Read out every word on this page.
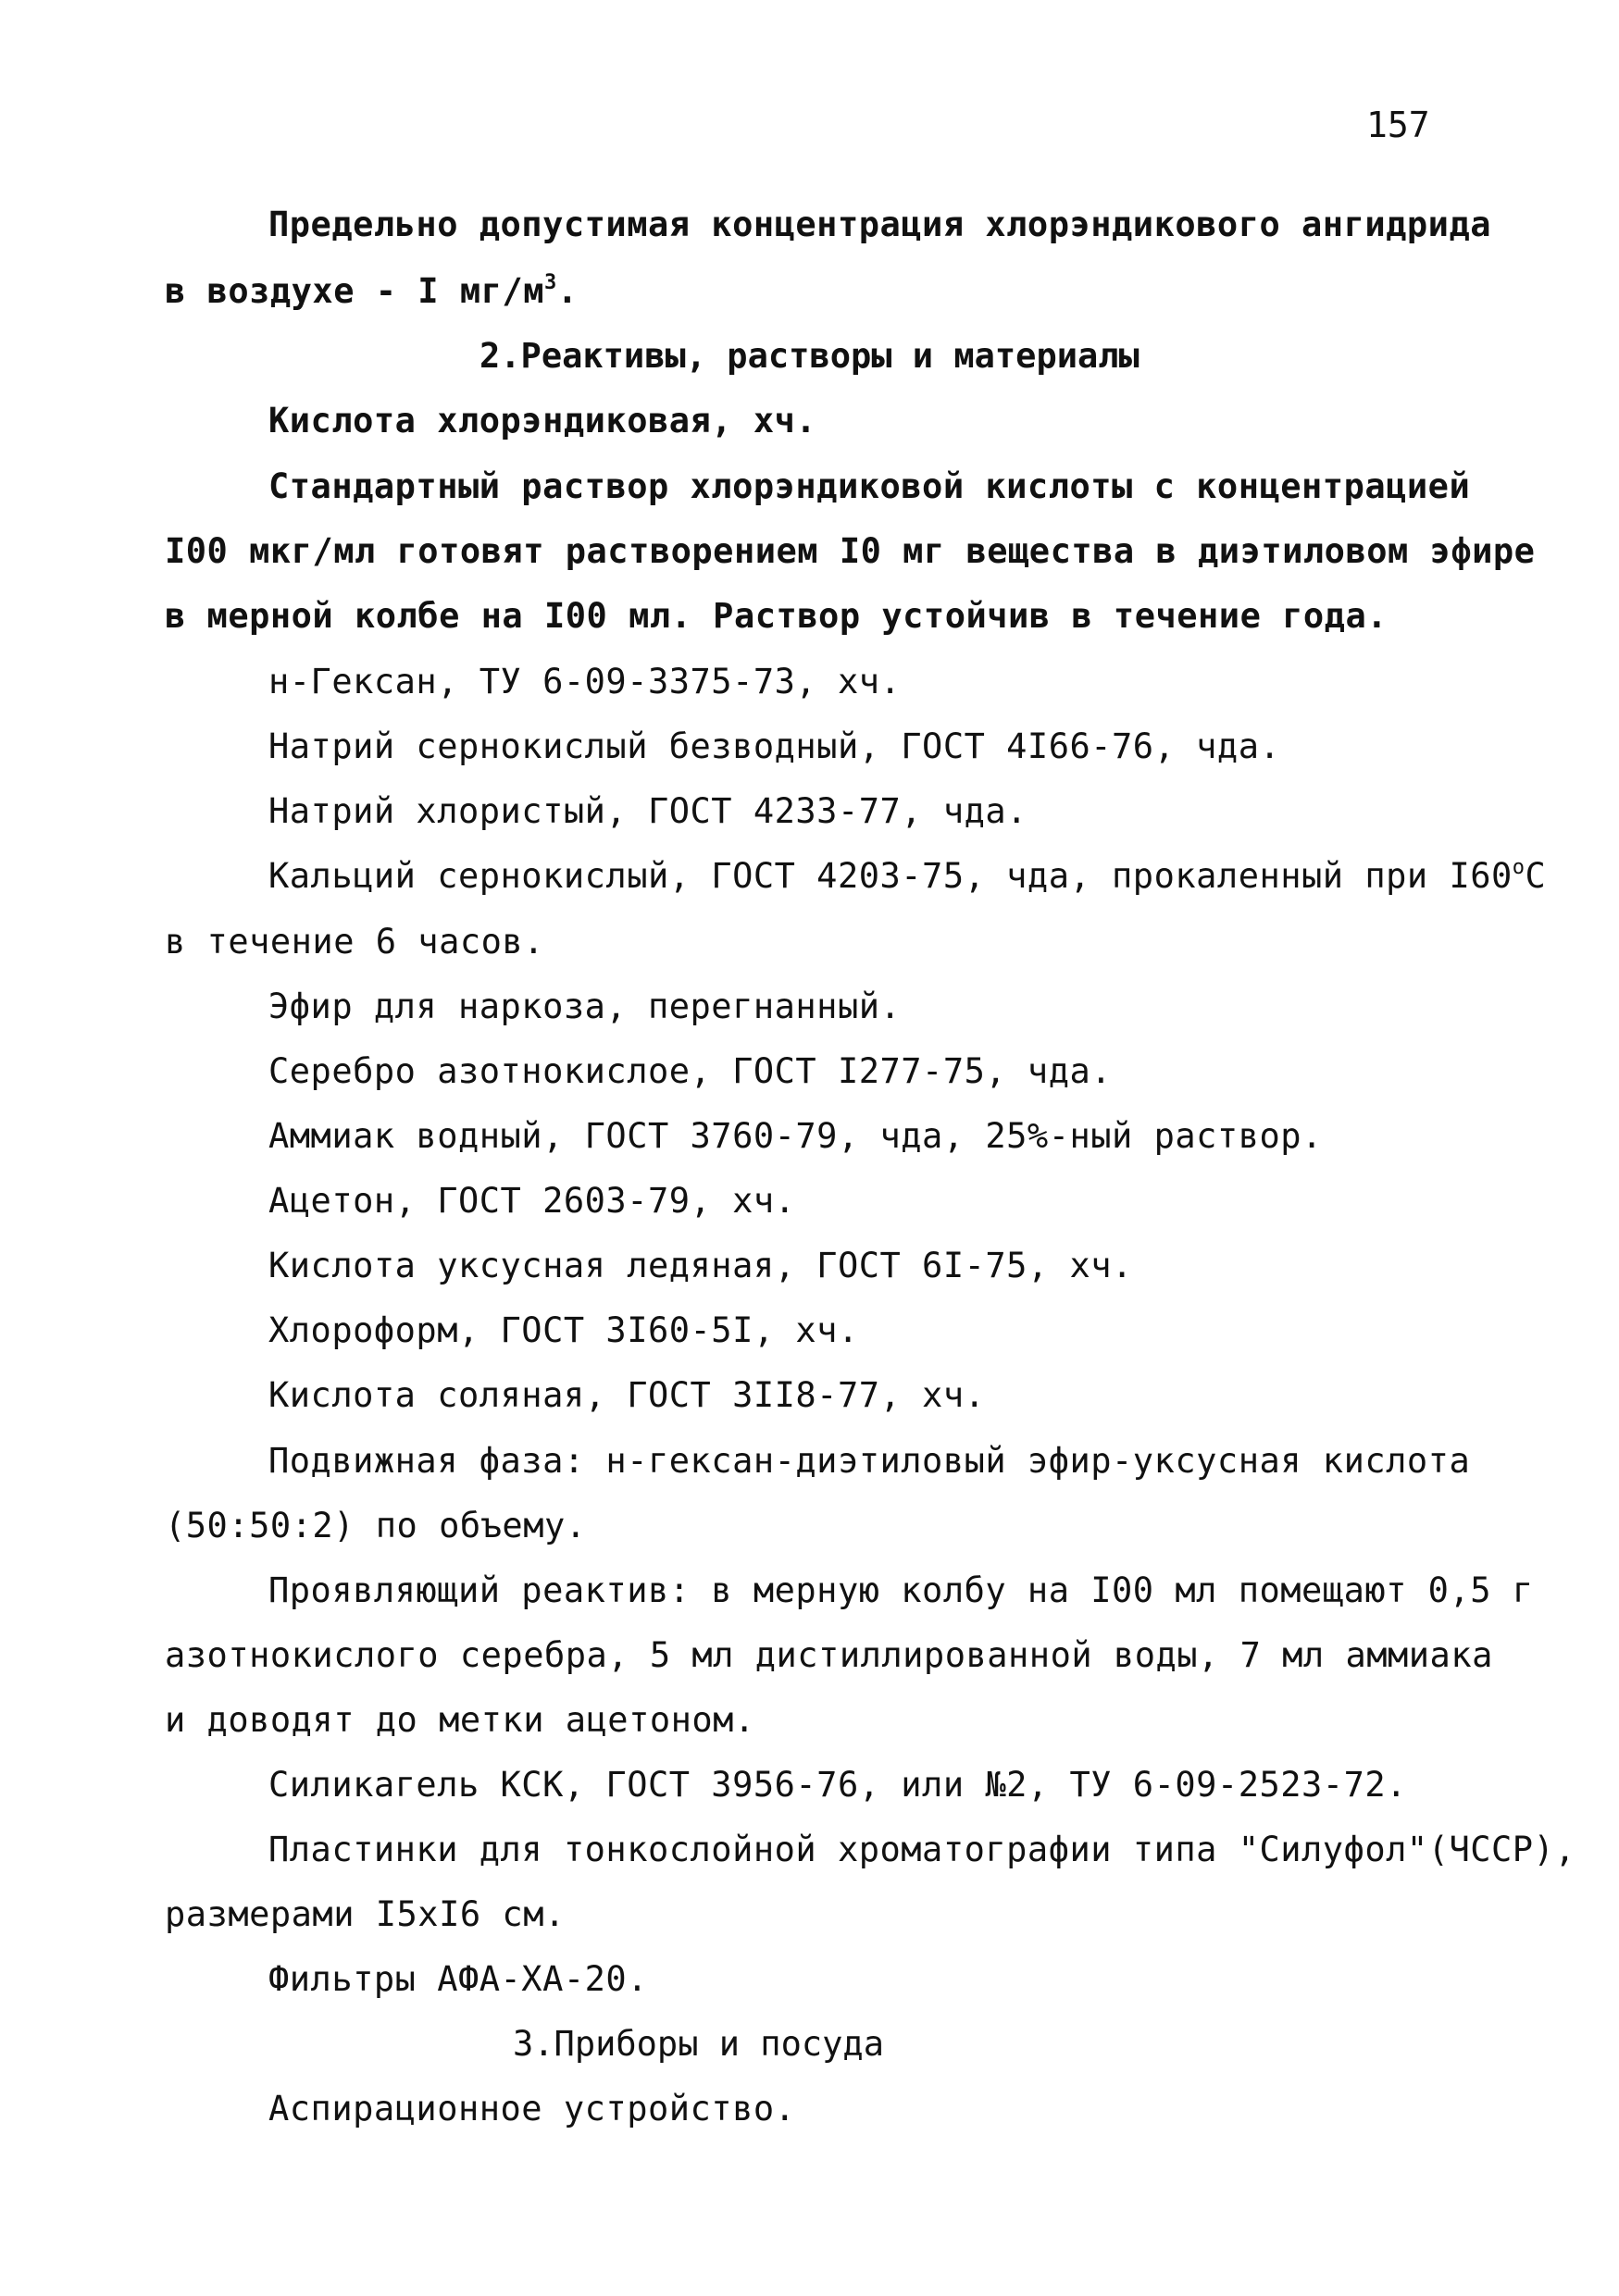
157
Предельно допустимая концентрация хлорэндикового ангидрида
в воздухе - I $мг/м^3$.
2.Реактивы, растворы и материалы
Кислота хлорэндиковая, хч.
Стандартный раствор хлорэндиковой кислоты с концентрацией
I00 мкг/мл готовят растворением I0 мг вещества в диэтиловом эфире
в мерной колбе на I00 мл. Раствор устойчив в течение года.
н-Гексан, ТУ 6-09-3375-73, хч.
Натрий сернокислый безводный, ГОСТ 4I66-76, чда.
Натрий хлористый, ГОСТ 4233-77, чда.
Кальций сернокислый, ГОСТ 4203-75, чда, прокаленный при $I60^оС$
в течение 6 часов.
Эфир для наркоза, перегнанный.
Серебро азотнокислое, ГОСТ I277-75, чда.
Аммиак водный, ГОСТ 3760-79, чда, 25%-ный раствор.
Ацетон, ГОСТ 2603-79, хч.
Кислота уксусная ледяная, ГОСТ 6I-75, хч.
Хлороформ, ГОСТ 3I60-5I, хч.
Кислота соляная, ГОСТ 3II8-77, хч.
Подвижная фаза: н-гексан-диэтиловый эфир-уксусная кислота
(50:50:2) по объему.
Проявляющий реактив: в мерную колбу на I00 мл помещают 0,5 г
азотнокислого серебра, 5 мл дистиллированной воды, 7 мл аммиака
и доводят до метки ацетоном.
Силикагель КСК, ГОСТ 3956-76, или №2, ТУ 6-09-2523-72.
Пластинки для тонкослойной хроматографии типа "Силуфол"(ЧССР),
размерами I5xI6 см.
Фильтры АФА-ХА-20.
3.Приборы и посуда
Аспирационное устройство.
